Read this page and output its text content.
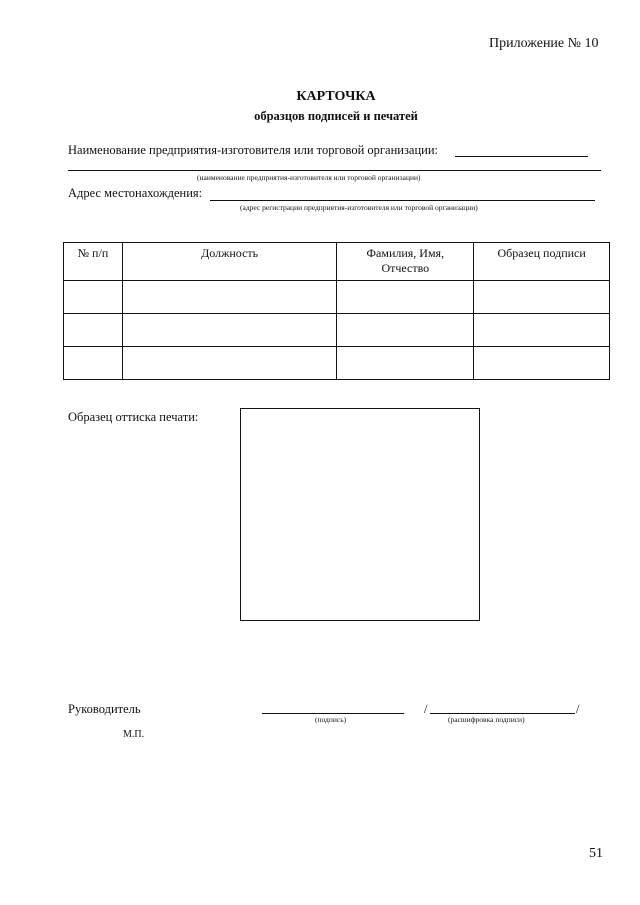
Приложение № 10
КАРТОЧКА
образцов подписей и печатей
Наименование предприятия-изготовителя или торговой организации:
(наименование предприятия-изготовителя или торговой организации)
Адрес местонахождения:
(адрес регистрации предприятия-изготовителя или торговой организации)
№ п/п	Должность	Фамилия, Имя, Отчество	Образец подписи

Образец оттиска печати:
Руководитель
(подпись)
/	/
(расшифровка подписи)
М.П.
51
